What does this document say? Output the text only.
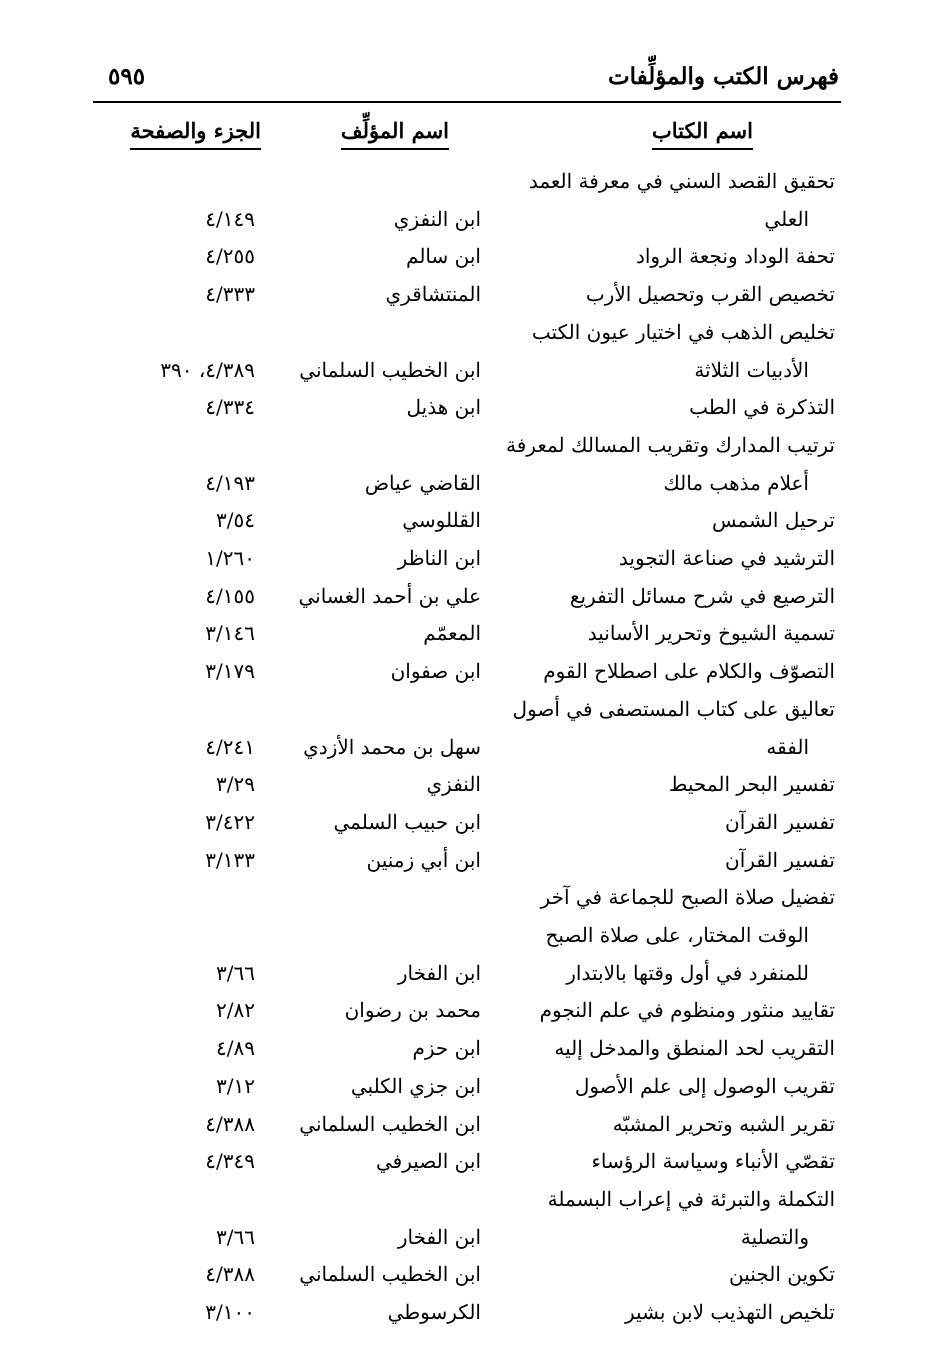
فهرس الكتب والمؤلِّفات
٥٩٥
اسم الكتاب
اسم المؤلِّف
الجزء والصفحة
تحقيق القصد السني في معرفة العمد
العلي
ابن النفزي
٤/١٤٩
تحفة الوداد ونجعة الرواد
ابن سالم
٤/٢٥٥
تخصيص القرب وتحصيل الأرب
المنتشاقري
٤/٣٣٣
تخليص الذهب في اختيار عيون الكتب
الأدبيات الثلاثة
ابن الخطيب السلماني
٤/٣٨٩، ٣٩٠
التذكرة في الطب
ابن هذيل
٤/٣٣٤
ترتيب المدارك وتقريب المسالك لمعرفة
أعلام مذهب مالك
القاضي عياض
٤/١٩٣
ترحيل الشمس
القللوسي
٣/٥٤
الترشيد في صناعة التجويد
ابن الناظر
١/٢٦٠
الترصيع في شرح مسائل التفريع
علي بن أحمد الغساني
٤/١٥٥
تسمية الشيوخ وتحرير الأسانيد
المعمّم
٣/١٤٦
التصوّف والكلام على اصطلاح القوم
ابن صفوان
٣/١٧٩
تعاليق على كتاب المستصفى في أصول
الفقه
سهل بن محمد الأزدي
٤/٢٤١
تفسير البحر المحيط
النفزي
٣/٢٩
تفسير القرآن
ابن حبيب السلمي
٣/٤٢٢
تفسير القرآن
ابن أبي زمنين
٣/١٣٣
تفضيل صلاة الصبح للجماعة في آخر
الوقت المختار، على صلاة الصبح
للمنفرد في أول وقتها بالابتدار
ابن الفخار
٣/٦٦
تقاييد منثور ومنظوم في علم النجوم
محمد بن رضوان
٢/٨٢
التقريب لحد المنطق والمدخل إليه
ابن حزم
٤/٨٩
تقريب الوصول إلى علم الأصول
ابن جزي الكلبي
٣/١٢
تقرير الشبه وتحرير المشبّه
ابن الخطيب السلماني
٤/٣٨٨
تقصّي الأنباء وسياسة الرؤساء
ابن الصيرفي
٤/٣٤٩
التكملة والتبرئة في إعراب البسملة
والتصلية
ابن الفخار
٣/٦٦
تكوين الجنين
ابن الخطيب السلماني
٤/٣٨٨
تلخيص التهذيب لابن بشير
الكرسوطي
٣/١٠٠
